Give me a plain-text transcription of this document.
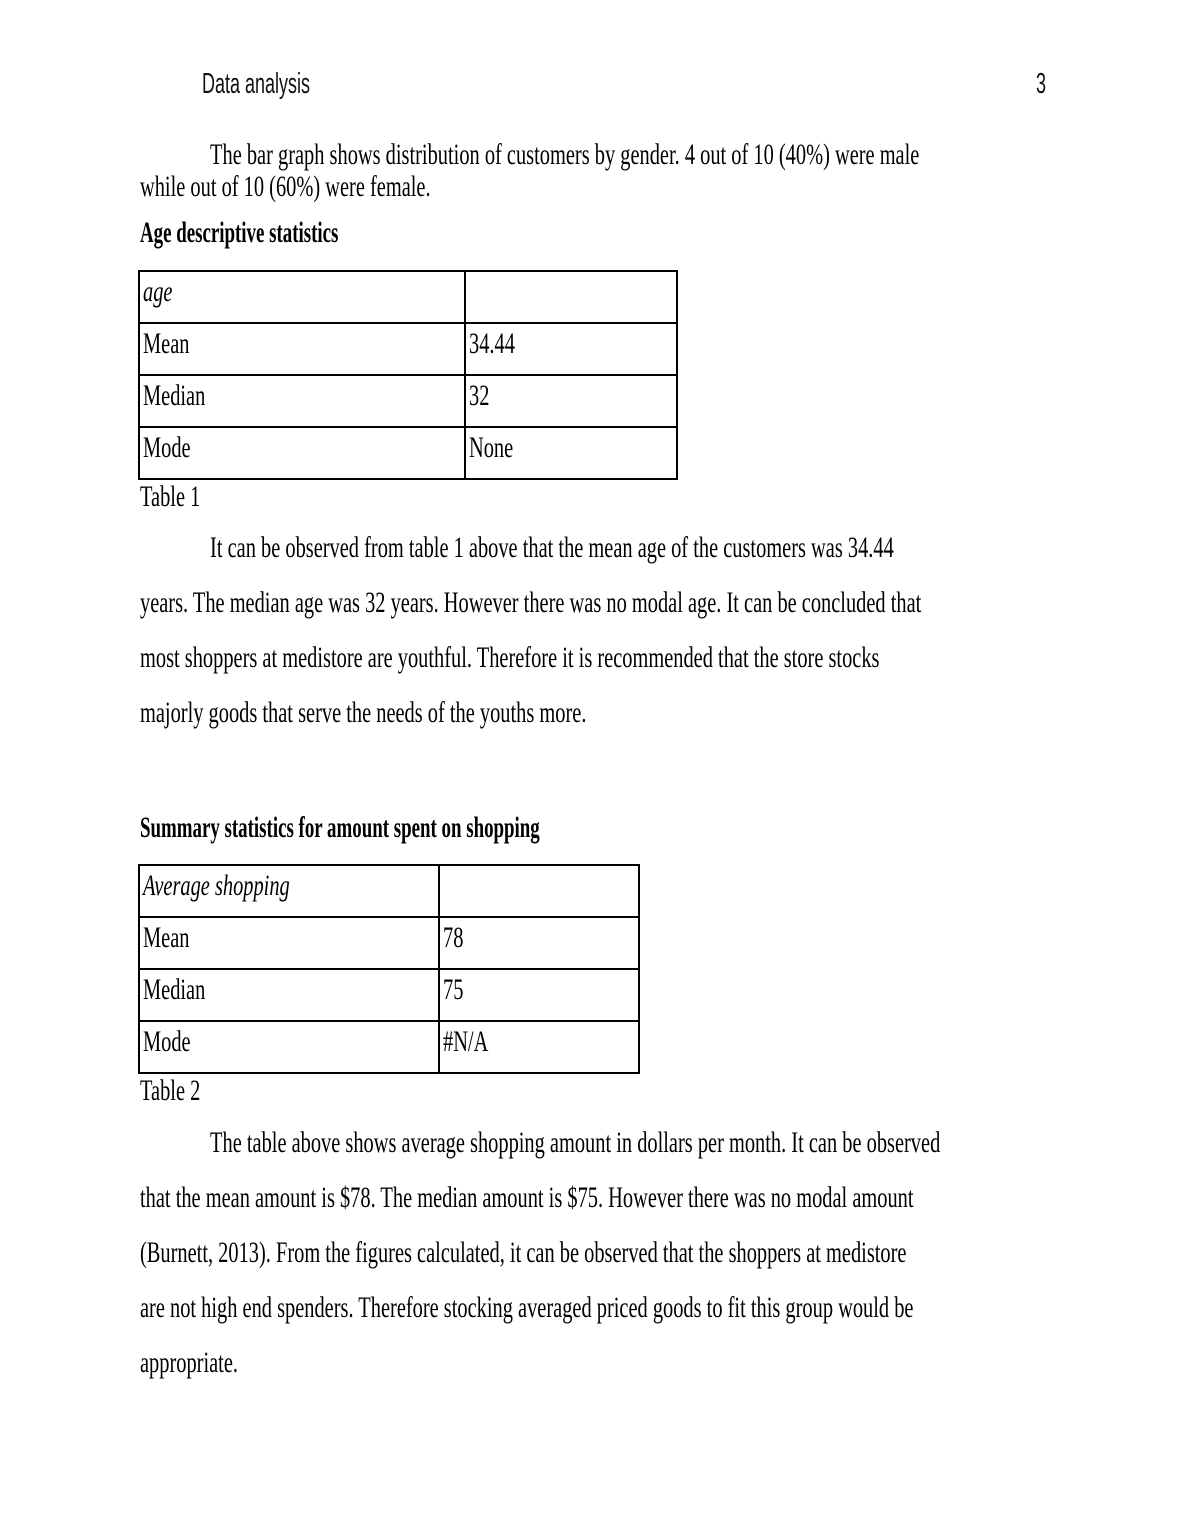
Data analysis	3
The bar graph shows distribution of customers by gender. 4 out of 10 (40%) were male
while out of 10 (60%) were female.
Age descriptive statistics
age	

Mean	34.44

Median	32

Mode	None
Table 1
It can be observed from table 1 above that the mean age of the customers was 34.44
years. The median age was 32 years. However there was no modal age. It can be concluded that
most shoppers at medistore are youthful. Therefore it is recommended that the store stocks
majorly goods that serve the needs of the youths more.
Summary statistics for amount spent on shopping
Average shopping	

Mean	78

Median	75

Mode	#N/A
Table 2
The table above shows average shopping amount in dollars per month. It can be observed
that the mean amount is $78. The median amount is $75. However there was no modal amount
(Burnett, 2013). From the figures calculated, it can be observed that the shoppers at medistore
are not high end spenders. Therefore stocking averaged priced goods to fit this group would be
appropriate.
